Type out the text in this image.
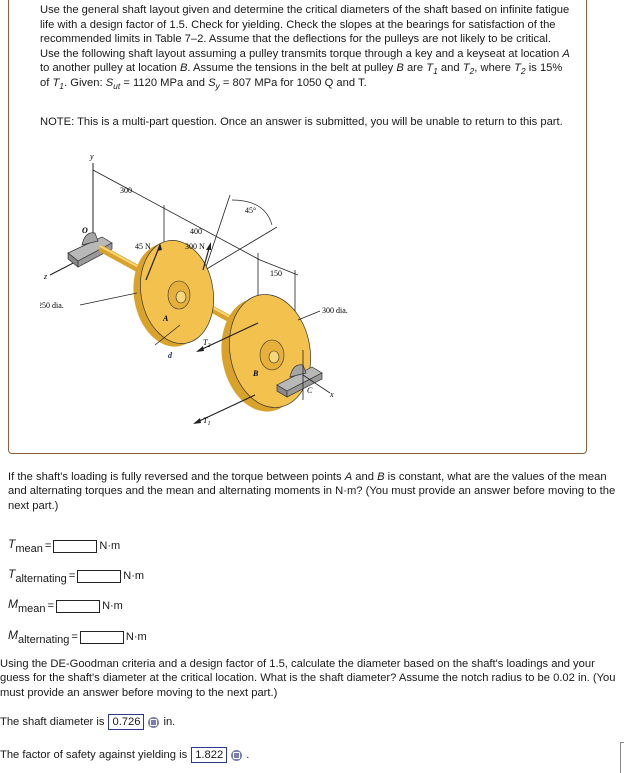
Use the general shaft layout given and determine the critical diameters of the shaft based on infinite fatigue life with a design factor of 1.5. Check for yielding. Check the slopes at the bearings for satisfaction of the recommended limits in Table 7–2. Assume that the deflections for the pulleys are not likely to be critical. Use the following shaft layout assuming a pulley transmits torque through a key and a keyseat at location A to another pulley at location B. Assume the tensions in the belt at pulley B are $T_1$ and $T_2$, where $T_2$ is 15% of $T_1$. Given: $S_{ut} = 1120$ MPa and $S_y = 807$ MPa for 1050 Q and T.

NOTE: This is a multi-part question. Once an answer is submitted, you will be unable to return to this part.

y
z
O
300
400
150
45°
A
45 N	300 N
250 dia.
B
300 dia.
$T_2$
$T_1$
d
C x

If the shaft's loading is fully reversed and the torque between points A and B is constant, what are the values of the mean and alternating torques and the mean and alternating moments in N·m? (You must provide an answer before moving to the next part.)

Tmean =	N·m
Talternating =	N·m
Mmean =	N·m
Malternating =	N·m

Using the DE-Goodman criteria and a design factor of 1.5, calculate the diameter based on the shaft's loadings and your guess for the shaft's diameter at the critical location. What is the shaft diameter? Assume the notch radius to be 0.02 in. (You must provide an answer before moving to the next part.)

The shaft diameter is 0.726	in.
The factor of safety against yielding is 1.822	.
